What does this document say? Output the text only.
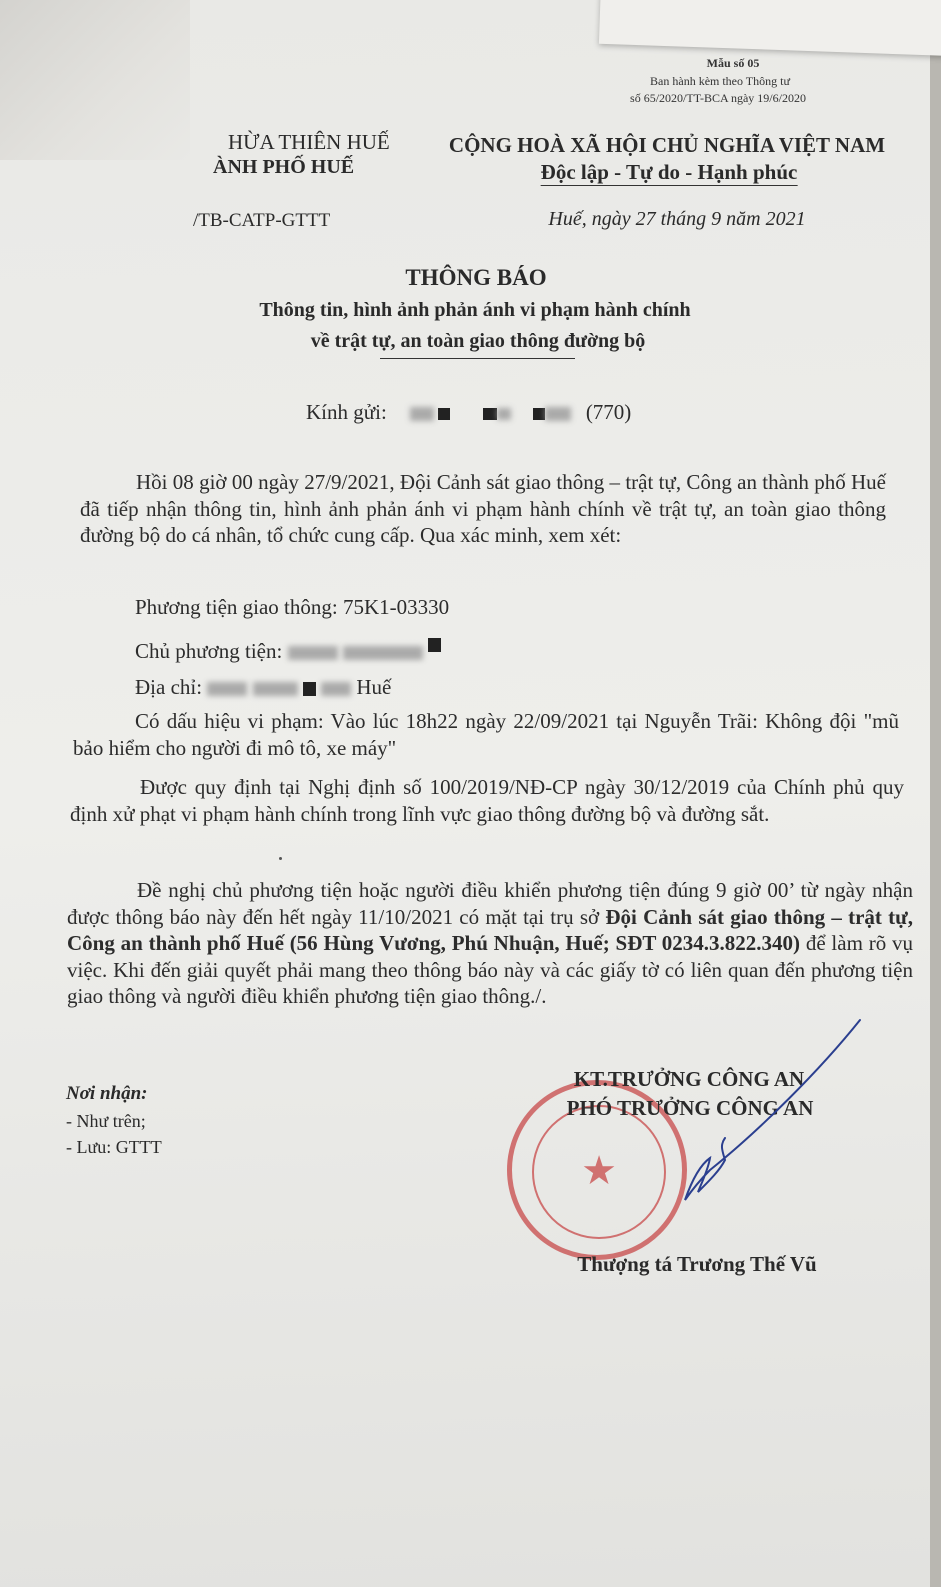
Mẫu số 05
Ban hành kèm theo Thông tư
số 65/2020/TT-BCA ngày 19/6/2020
HỪA THIÊN HUẾ
ÀNH PHỐ HUẾ
/TB-CATP-GTTT
CỘNG HOÀ XÃ HỘI CHỦ NGHĨA VIỆT NAM
Độc lập - Tự do - Hạnh phúc
Huế, ngày 27 tháng 9 năm 2021
THÔNG BÁO
Thông tin, hình ảnh phản ánh vi phạm hành chính
về trật tự, an toàn giao thông đường bộ
Kính gửi:	(770)
Hồi 08 giờ 00 ngày 27/9/2021, Đội Cảnh sát giao thông – trật tự, Công an thành phố Huế đã tiếp nhận thông tin, hình ảnh phản ánh vi phạm hành chính về trật tự, an toàn giao thông đường bộ do cá nhân, tổ chức cung cấp. Qua xác minh, xem xét:
Phương tiện giao thông: 75K1-03330
Chủ phương tiện:
Địa chỉ:	Huế
Có dấu hiệu vi phạm: Vào lúc 18h22 ngày 22/09/2021 tại Nguyễn Trãi: Không đội "mũ bảo hiểm cho người đi mô tô, xe máy"
Được quy định tại Nghị định số 100/2019/NĐ-CP ngày 30/12/2019 của Chính phủ quy định xử phạt vi phạm hành chính trong lĩnh vực giao thông đường bộ và đường sắt.
Đề nghị chủ phương tiện hoặc người điều khiển phương tiện đúng 9 giờ 00’ từ ngày nhận được thông báo này đến hết ngày 11/10/2021 có mặt tại trụ sở Đội Cảnh sát giao thông – trật tự, Công an thành phố Huế (56 Hùng Vương, Phú Nhuận, Huế; SĐT 0234.3.822.340) để làm rõ vụ việc. Khi đến giải quyết phải mang theo thông báo này và các giấy tờ có liên quan đến phương tiện giao thông và người điều khiển phương tiện giao thông./.
Nơi nhận:
- Như trên;
- Lưu: GTTT
★
KT.TRƯỞNG CÔNG AN
PHÓ TRƯỞNG CÔNG AN
Thượng tá Trương Thế Vũ
